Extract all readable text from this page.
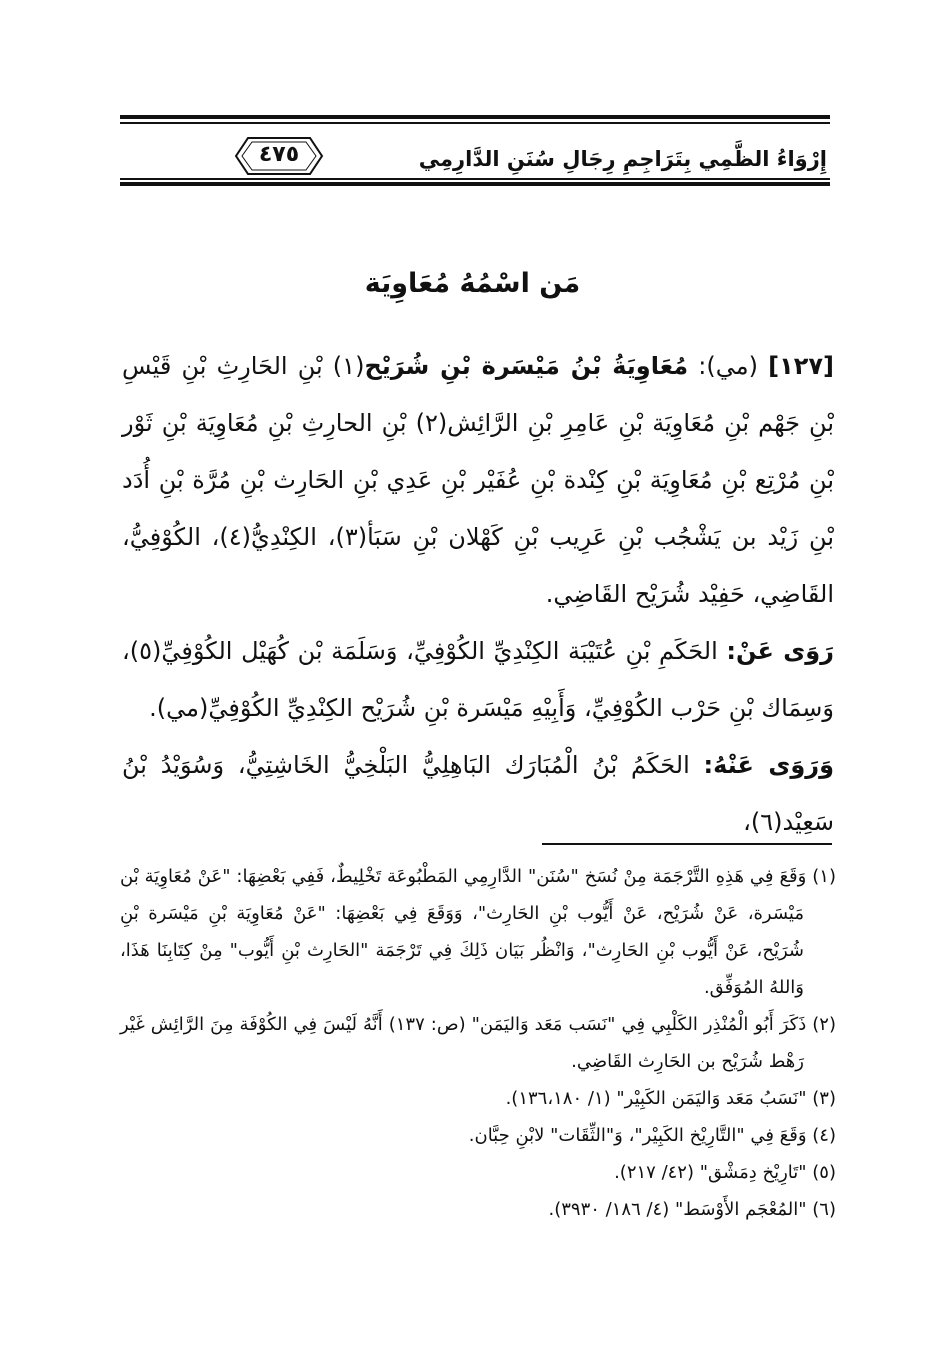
إِرْوَاءُ الظَّمِي بِتَرَاجِمِ رِجَالِ سُنَنِ الدَّارِمِي
٤٧٥
مَن اسْمُهُ مُعَاوِيَة

[١٢٧] (مي): مُعَاوِيَةُ بْنُ مَيْسَرة بْنِ شُرَيْح(١) بْنِ الحَارِثِ بْنِ قَيْسِ بْنِ جَهْم بْنِ مُعَاوِيَة بْنِ عَامِرِ بْنِ الرَّائِش(٢) بْنِ الحارِثِ بْنِ مُعَاوِيَة بْنِ ثَوْر بْنِ مُرْتِع بْنِ مُعَاوِيَة بْنِ كِنْدة بْنِ عُفَيْر بْنِ عَدِي بْنِ الحَارِث بْنِ مُرَّة بْنِ أُدَد بْنِ زَيْد بن يَشْجُب بْنِ عَرِيب بْنِ كَهْلان بْنِ سَبَأ(٣)، الكِنْدِيُّ(٤)، الكُوْفِيُّ، القَاضِي، حَفِيْد شُرَيْح القَاضِي.

رَوَى عَنْ: الحَكَمِ بْنِ عُتَيْبَة الكِنْدِيِّ الكُوْفِيِّ، وَسَلَمَة بْن كُهَيْل الكُوْفِيِّ(٥)، وَسِمَاك بْنِ حَرْب الكُوْفِيِّ، وَأَبِيْهِ مَيْسَرة بْنِ شُرَيْح الكِنْدِيِّ الكُوْفِيِّ(مي).

وَرَوَى عَنْهُ: الحَكَمُ بْنُ الْمُبَارَك البَاهِلِيُّ البَلْخِيُّ الخَاشِتِيُّ، وَسُوَيْدُ بْنُ سَعِيْد(٦)،

(١) وَقَعَ فِي هَذِهِ التَّرْجَمَة مِنْ نُسَخ "سُنَن" الدَّارِمِي المَطْبُوعَة تَخْلِيطٌ، فَفِي بَعْضِهَا: "عَنْ مُعَاوِيَة بْن مَيْسَرة، عَنْ شُرَيْح، عَنْ أَيُّوب بْنِ الحَارِث"، وَوَقَعَ فِي بَعْضِهَا: "عَنْ مُعَاوِيَة بْنِ مَيْسَرة بْنِ شُرَيْح، عَنْ أَيُّوب بْنِ الحَارِث"، وَانْظُر بَيَان ذَلِكَ فِي تَرْجَمَة "الحَارِث بْنِ أَيُّوب" مِنْ كِتَابِنَا هَذَا، وَاللهُ المُوَفِّق.

(٢) ذَكَرَ أَبُو الْمُنْذِر الكَلْبِي فِي "نَسَب مَعَد وَاليَمَن" (ص: ١٣٧) أَنَّهُ لَيْسَ فِي الكُوْفَة مِنَ الرَّائِش غَيْر رَهْط شُرَيْح بن الحَارِث القَاضِي.

(٣) "نَسَبُ مَعَد وَاليَمَن الكَبِيْر" (١/ ١٣٦،١٨٠).

(٤) وَقَعَ فِي "التَّارِيْخ الكَبِيْر"، وَ"الثِّقَات" لابْنِ حِبَّان.

(٥) "تَارِيْخ دِمَشْق" (٤٢/ ٢١٧).

(٦) "المُعْجَم الأَوْسَط" (٤/ ١٨٦/ ٣٩٣٠).
